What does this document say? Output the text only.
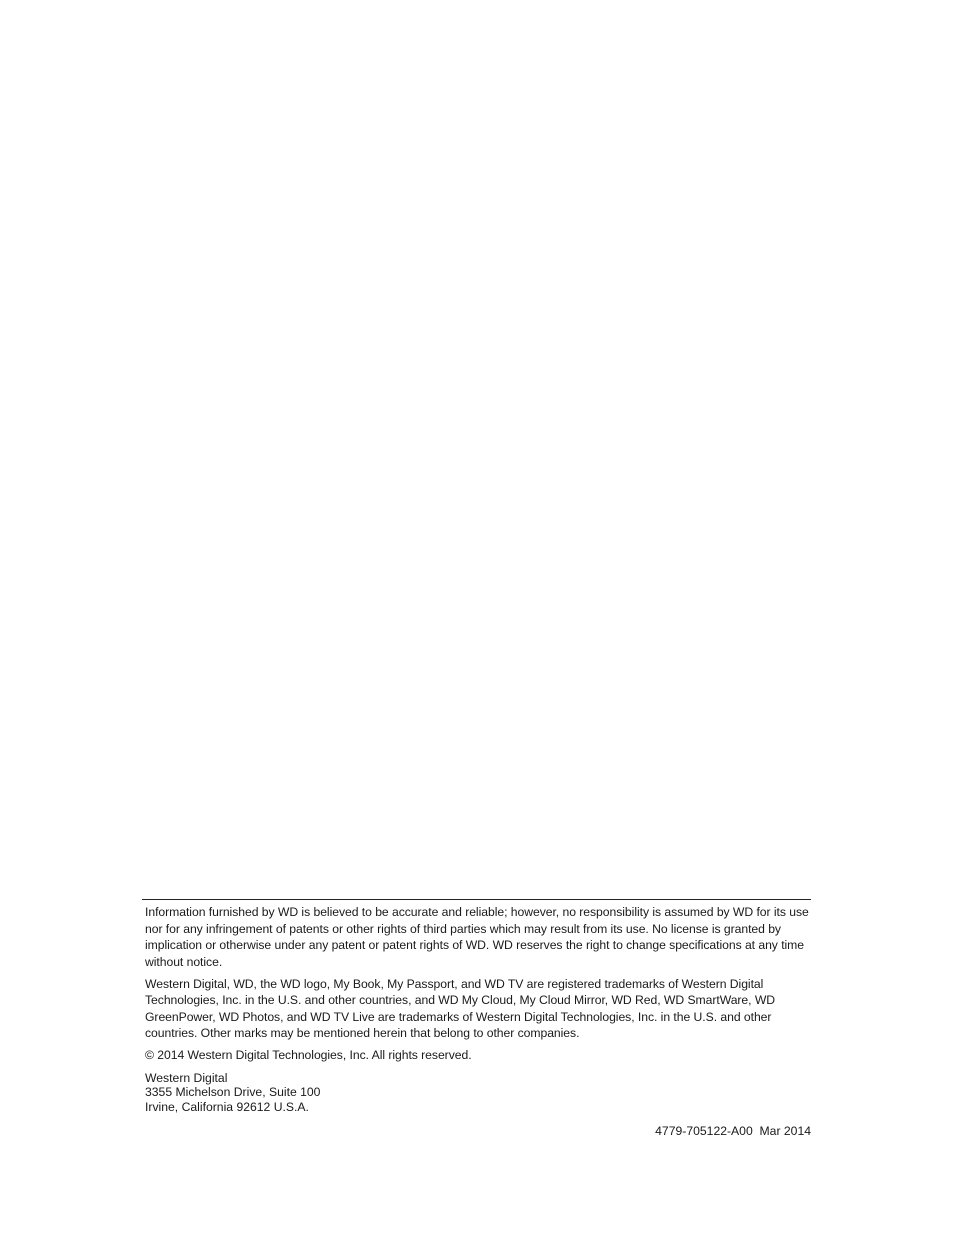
Information furnished by WD is believed to be accurate and reliable; however, no responsibility is assumed by WD for its use nor for any infringement of patents or other rights of third parties which may result from its use. No license is granted by implication or otherwise under any patent or patent rights of WD. WD reserves the right to change specifications at any time without notice.

Western Digital, WD, the WD logo, My Book, My Passport, and WD TV are registered trademarks of Western Digital Technologies, Inc. in the U.S. and other countries, and WD My Cloud, My Cloud Mirror, WD Red, WD SmartWare, WD GreenPower, WD Photos, and WD TV Live are trademarks of Western Digital Technologies, Inc. in the U.S. and other countries. Other marks may be mentioned herein that belong to other companies.

© 2014 Western Digital Technologies, Inc. All rights reserved.

Western Digital
3355 Michelson Drive, Suite 100
Irvine, California 92612 U.S.A.
4779-705122-A00  Mar 2014
